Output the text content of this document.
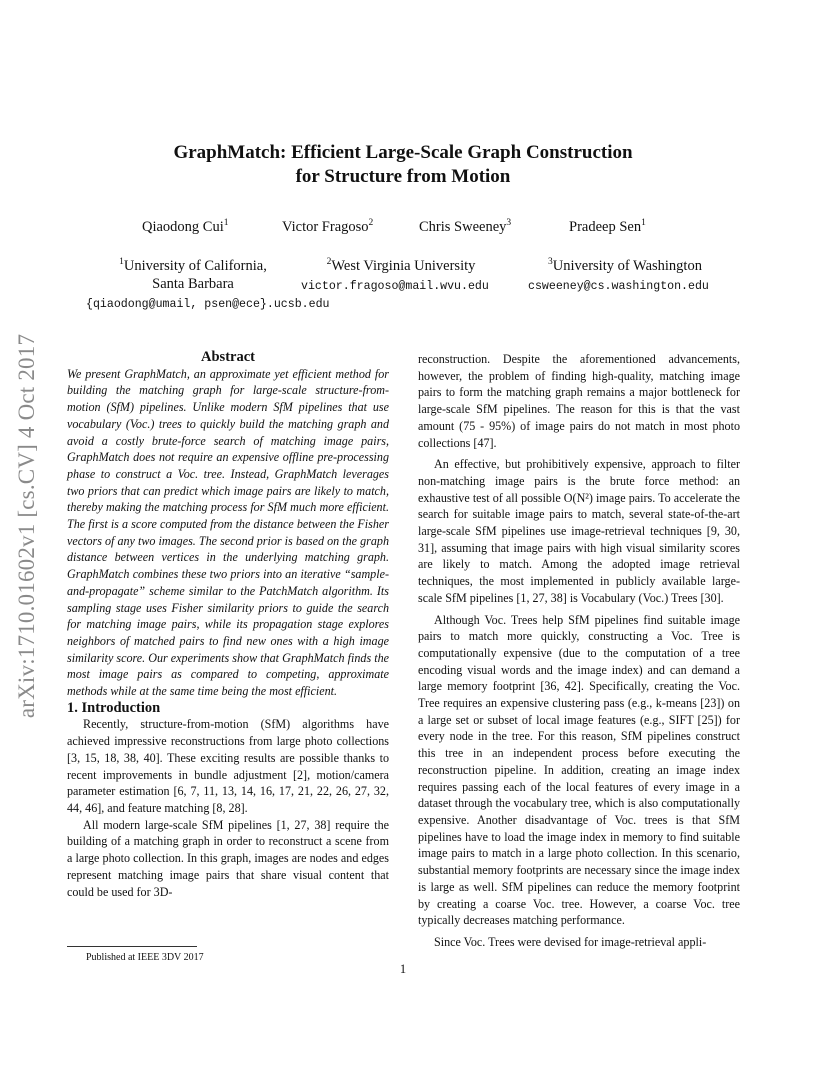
arXiv:1710.01602v1 [cs.CV] 4 Oct 2017
GraphMatch: Efficient Large-Scale Graph Construction
for Structure from Motion
Qiaodong Cui$^1$	Victor Fragoso$^2$	Chris Sweeney$^3$	Pradeep Sen$^1$
$^1$University of California,
Santa Barbara
$^2$West Virginia University	$^3$University of Washington
victor.fragoso@mail.wvu.edu	csweeney@cs.washington.edu
{qiaodong@umail, psen@ece}.ucsb.edu

Abstract

We present GraphMatch, an approximate yet efficient method for building the matching graph for large-scale structure-from-motion (SfM) pipelines. Unlike modern SfM pipelines that use vocabulary (Voc.) trees to quickly build the matching graph and avoid a costly brute-force search of matching image pairs, GraphMatch does not require an expensive offline pre-processing phase to construct a Voc. tree. Instead, GraphMatch leverages two priors that can predict which image pairs are likely to match, thereby making the matching process for SfM much more efficient. The first is a score computed from the distance between the Fisher vectors of any two images. The second prior is based on the graph distance between vertices in the underlying matching graph. GraphMatch combines these two priors into an iterative “sample-and-propagate” scheme similar to the PatchMatch algorithm. Its sampling stage uses Fisher similarity priors to guide the search for matching image pairs, while its propagation stage explores neighbors of matched pairs to find new ones with a high image similarity score. Our experiments show that GraphMatch finds the most image pairs as compared to competing, approximate methods while at the same time being the most efficient.

1. Introduction

Recently, structure-from-motion (SfM) algorithms have achieved impressive reconstructions from large photo collections [3, 15, 18, 38, 40]. These exciting results are possible thanks to recent improvements in bundle adjustment [2], motion/camera parameter estimation [6, 7, 11, 13, 14, 16, 17, 21, 22, 26, 27, 32, 44, 46], and feature matching [8, 28].

All modern large-scale SfM pipelines [1, 27, 38] require the building of a matching graph in order to reconstruct a scene from a large photo collection. In this graph, images are nodes and edges represent matching image pairs that share visual content that could be used for 3D-

reconstruction. Despite the aforementioned advancements, however, the problem of finding high-quality, matching image pairs to form the matching graph remains a major bottleneck for large-scale SfM pipelines. The reason for this is that the vast amount (75 - 95%) of image pairs do not match in most photo collections [47].

An effective, but prohibitively expensive, approach to filter non-matching image pairs is the brute force method: an exhaustive test of all possible O(N²) image pairs. To accelerate the search for suitable image pairs to match, several state-of-the-art large-scale SfM pipelines use image-retrieval techniques [9, 30, 31], assuming that image pairs with high visual similarity scores are likely to match. Among the adopted image retrieval techniques, the most implemented in publicly available large-scale SfM pipelines [1, 27, 38] is Vocabulary (Voc.) Trees [30].

Although Voc. Trees help SfM pipelines find suitable image pairs to match more quickly, constructing a Voc. Tree is computationally expensive (due to the computation of a tree encoding visual words and the image index) and can demand a large memory footprint [36, 42]. Specifically, creating the Voc. Tree requires an expensive clustering pass (e.g., k-means [23]) on a large set or subset of local image features (e.g., SIFT [25]) for every node in the tree. For this reason, SfM pipelines construct this tree in an independent process before executing the reconstruction pipeline. In addition, creating an image index requires passing each of the local features of every image in a dataset through the vocabulary tree, which is also computationally expensive. Another disadvantage of Voc. trees is that SfM pipelines have to load the image index in memory to find suitable image pairs to match in a large photo collection. In this scenario, substantial memory footprints are necessary since the image index is large as well. SfM pipelines can reduce the memory footprint by creating a coarse Voc. tree. However, a coarse Voc. tree typically decreases matching performance.

Since Voc. Trees were devised for image-retrieval appli-

Published at IEEE 3DV 2017
1
